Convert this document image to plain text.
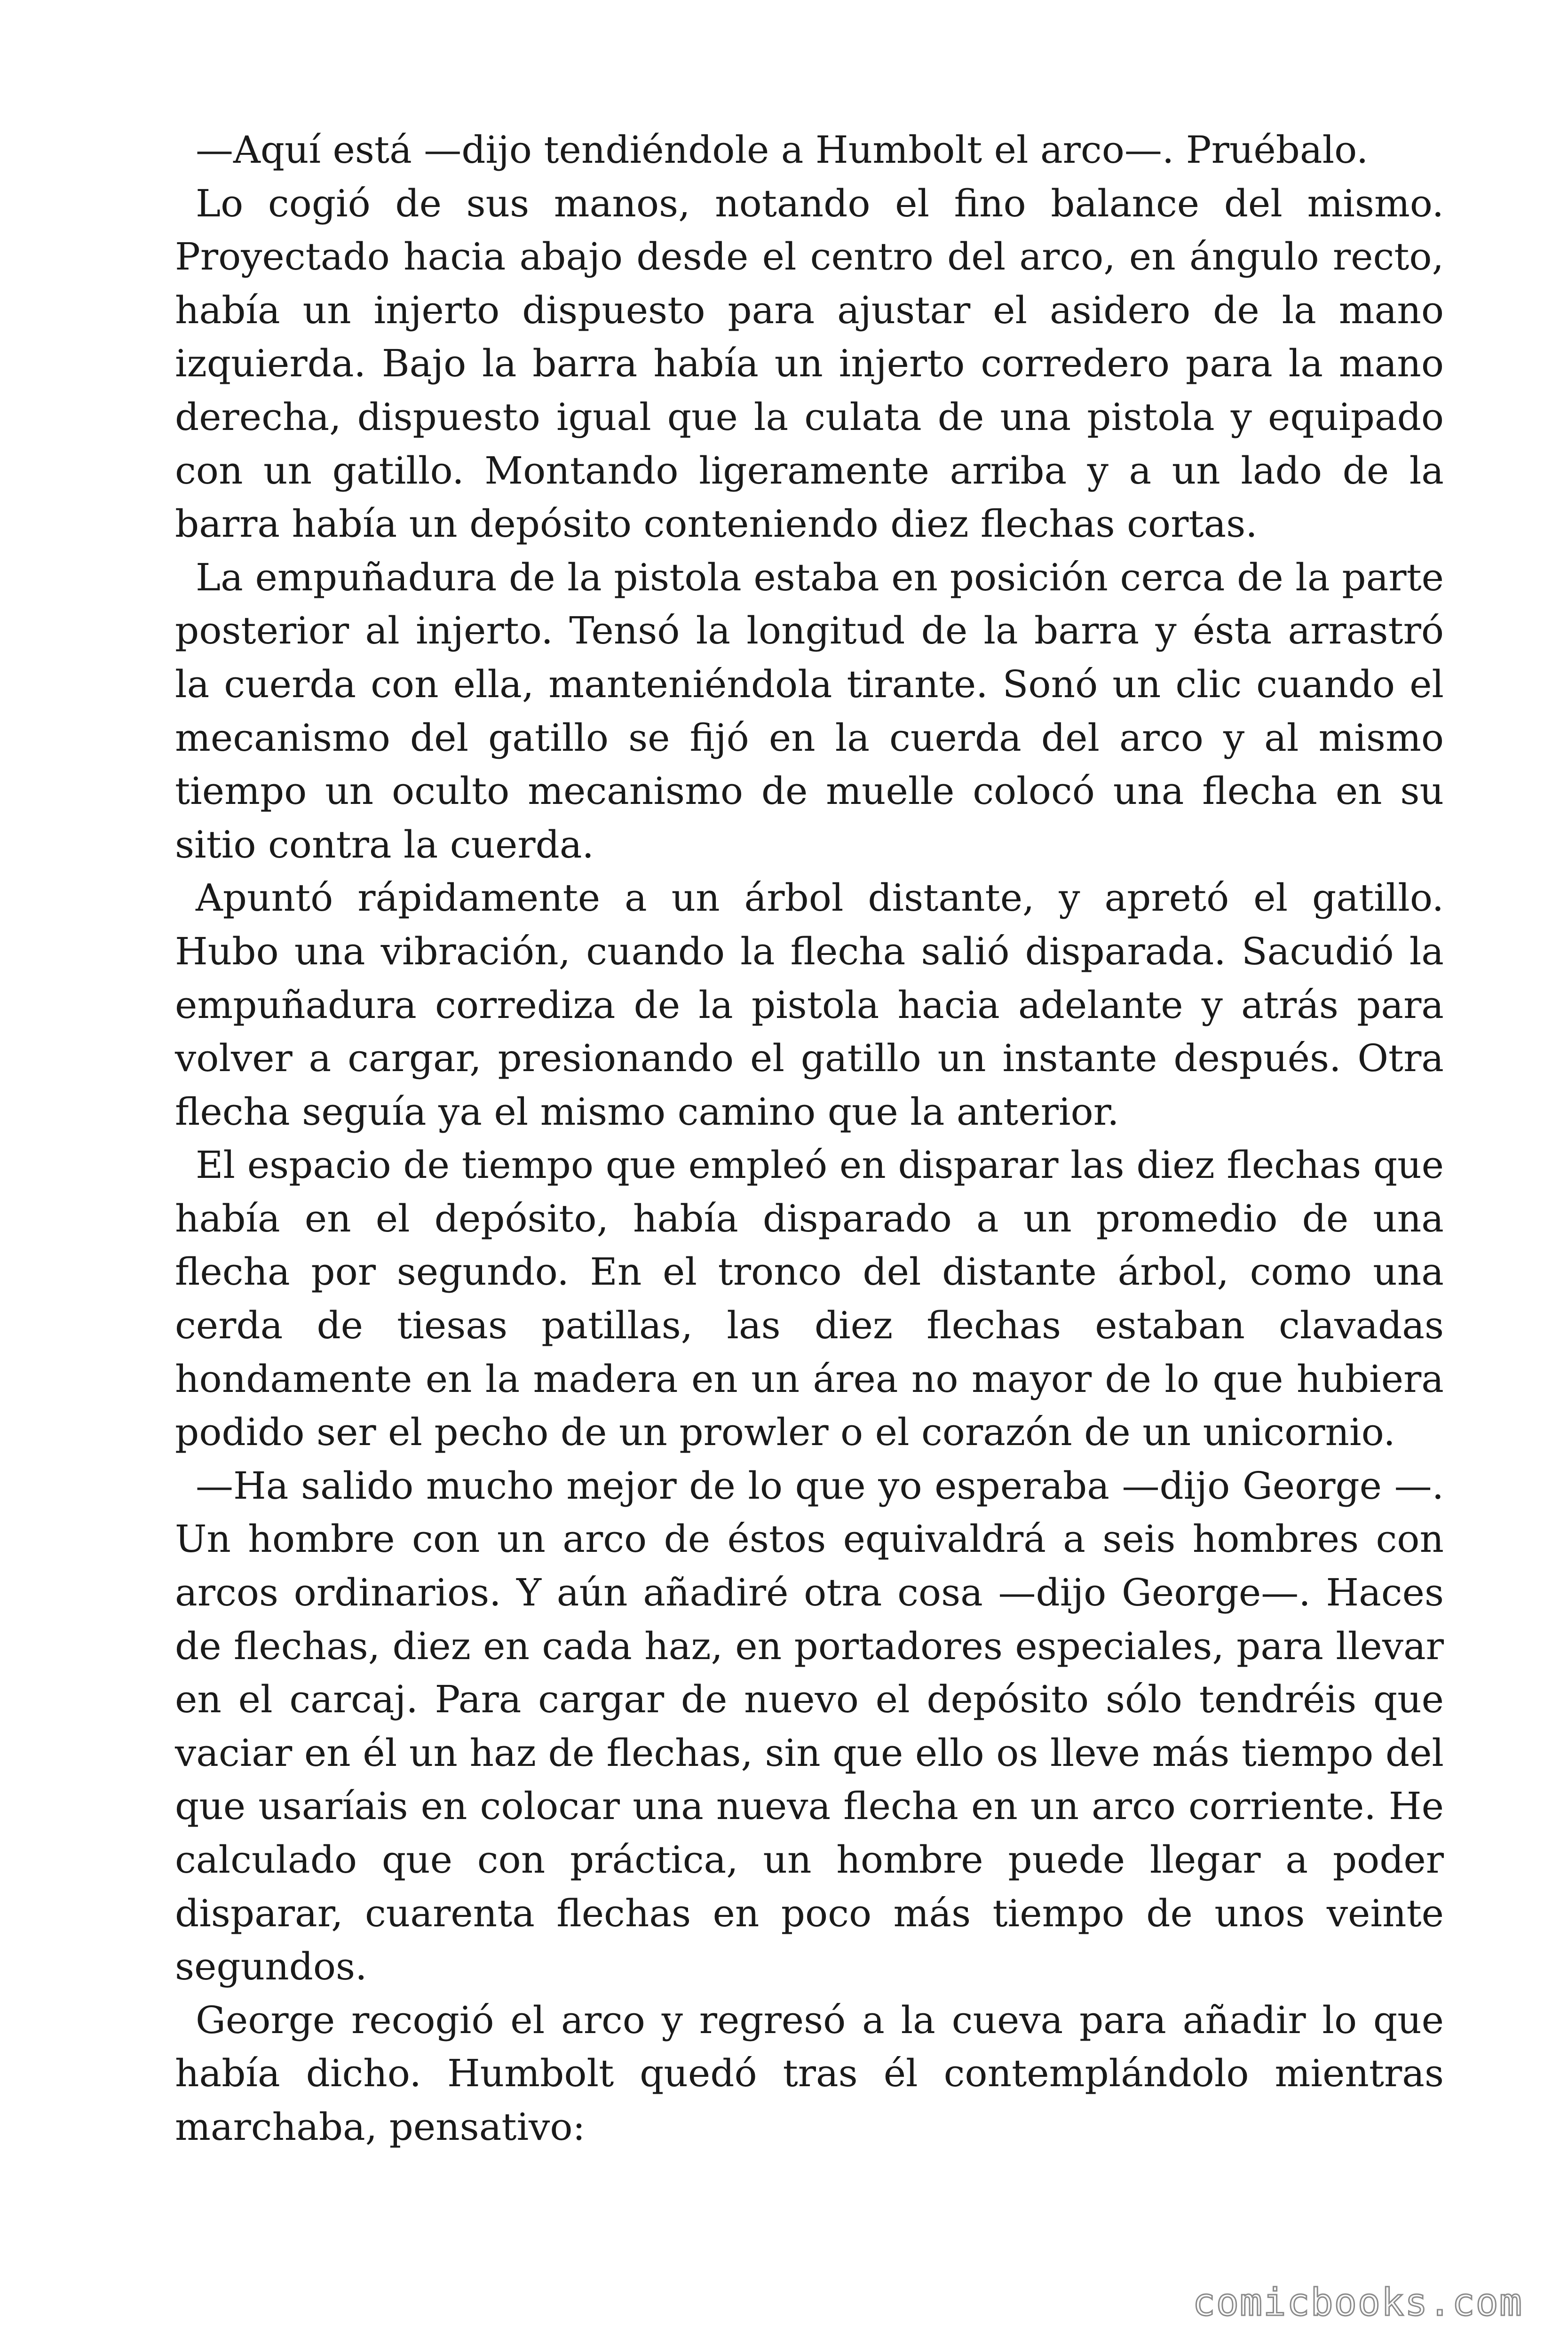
—Aquí está —dijo tendiéndole a Humbolt el arco—. Pruébalo.

Lo cogió de sus manos, notando el fino balance del mismo. Proyectado hacia abajo desde el centro del arco, en ángulo recto, había un injerto dispuesto para ajustar el asidero de la mano izquierda. Bajo la barra había un injerto corredero para la mano derecha, dispuesto igual que la culata de una pistola y equipado con un gatillo. Montando ligeramente arriba y a un lado de la barra había un depósito conteniendo diez flechas cortas.

La empuñadura de la pistola estaba en posición cerca de la parte posterior al injerto. Tensó la longitud de la barra y ésta arrastró la cuerda con ella, manteniéndola tirante. Sonó un clic cuando el mecanismo del gatillo se fijó en la cuerda del arco y al mismo tiempo un oculto mecanismo de muelle colocó una flecha en su sitio contra la cuerda.

Apuntó rápidamente a un árbol distante, y apretó el gatillo. Hubo una vibración, cuando la flecha salió disparada. Sacudió la empuñadura corrediza de la pistola hacia adelante y atrás para volver a cargar, presionando el gatillo un instante después. Otra flecha seguía ya el mismo camino que la anterior.

El espacio de tiempo que empleó en disparar las diez flechas que había en el depósito, había disparado a un promedio de una flecha por segundo. En el tronco del distante árbol, como una cerda de tiesas patillas, las diez flechas estaban clavadas hondamente en la madera en un área no mayor de lo que hubiera podido ser el pecho de un prowler o el corazón de un unicornio.

—Ha salido mucho mejor de lo que yo esperaba —dijo George —. Un hombre con un arco de éstos equivaldrá a seis hombres con arcos ordinarios. Y aún añadiré otra cosa —dijo George—. Haces de flechas, diez en cada haz, en portadores especiales, para llevar en el carcaj. Para cargar de nuevo el depósito sólo tendréis que vaciar en él un haz de flechas, sin que ello os lleve más tiempo del que usaríais en colocar una nueva flecha en un arco corriente. He calculado que con práctica, un hombre puede llegar a poder disparar, cuarenta flechas en poco más tiempo de unos veinte segundos.

George recogió el arco y regresó a la cueva para añadir lo que había dicho. Humbolt quedó tras él contemplándolo mientras marchaba, pensativo:

comicbooks.com
